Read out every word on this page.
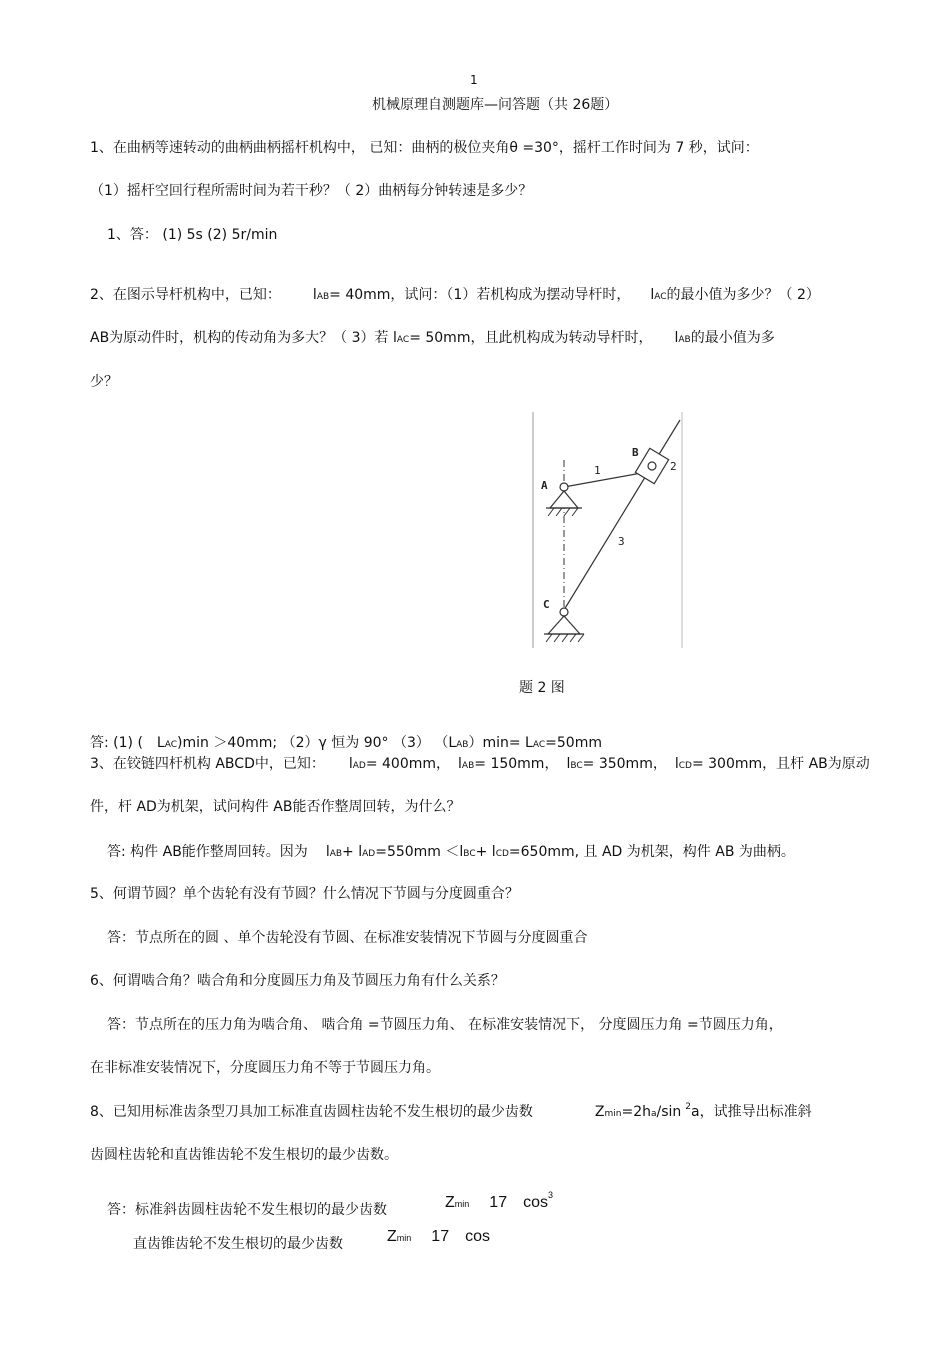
1
机械原理自测题库—问答题（共 26题）
1、在曲柄等速转动的曲柄曲柄摇杆机构中， 已知：曲柄的极位夹角θ =30°，摇杆工作时间为 7 秒，试问：
（1）摇杆空回行程所需时间为若干秒？（ 2）曲柄每分钟转速是多少？
1、答： (1) 5s (2) 5r/min
2、在图示导杆机构中，已知： lAB= 40mm，试问：（1）若机构成为摆动导杆时， lAC的最小值为多少？（ 2）
AB为原动件时，机构的传动角为多大？（ 3）若 lAC= 50mm，且此机构成为转动导杆时， lAB的最小值为多
少？
A
B
C
1	2
3
题 2 图
答: (1) ( LAC)min ＞40mm; （2）γ 恒为 90° （3） （LAB）min= LAC=50mm
3、在铰链四杆机构 ABCD中，已知： lAD= 400mm， lAB= 150mm， lBC= 350mm， lCD= 300mm，且杆 AB为原动
件，杆 AD为机架，试问构件 AB能否作整周回转，为什么？
答: 构件 AB能作整周回转。因为 lAB+ lAD=550mm ＜lBC+ lCD=650mm, 且 AD 为机架，构件 AB 为曲柄。
5、何谓节圆？单个齿轮有没有节圆？什么情况下节圆与分度圆重合？
答：节点所在的圆 、单个齿轮没有节圆、在标准安装情况下节圆与分度圆重合
6、何谓啮合角？啮合角和分度圆压力角及节圆压力角有什么关系？
答：节点所在的压力角为啮合角、 啮合角 =节圆压力角、 在标准安装情况下， 分度圆压力角 =节圆压力角，
在非标准安装情况下，分度圆压力角不等于节圆压力角。
8、已知用标准齿条型刀具加工标准直齿圆柱齿轮不发生根切的最少齿数	Zmin=2ha/sin $^2$a，试推导出标准斜
齿圆柱齿轮和直齿锥齿轮不发生根切的最少齿数。
答：标准斜齿圆柱齿轮不发生根切的最少齿数	Zmin 17 $\cos^3$
直齿锥齿轮不发生根切的最少齿数	Zmin 17 cos
